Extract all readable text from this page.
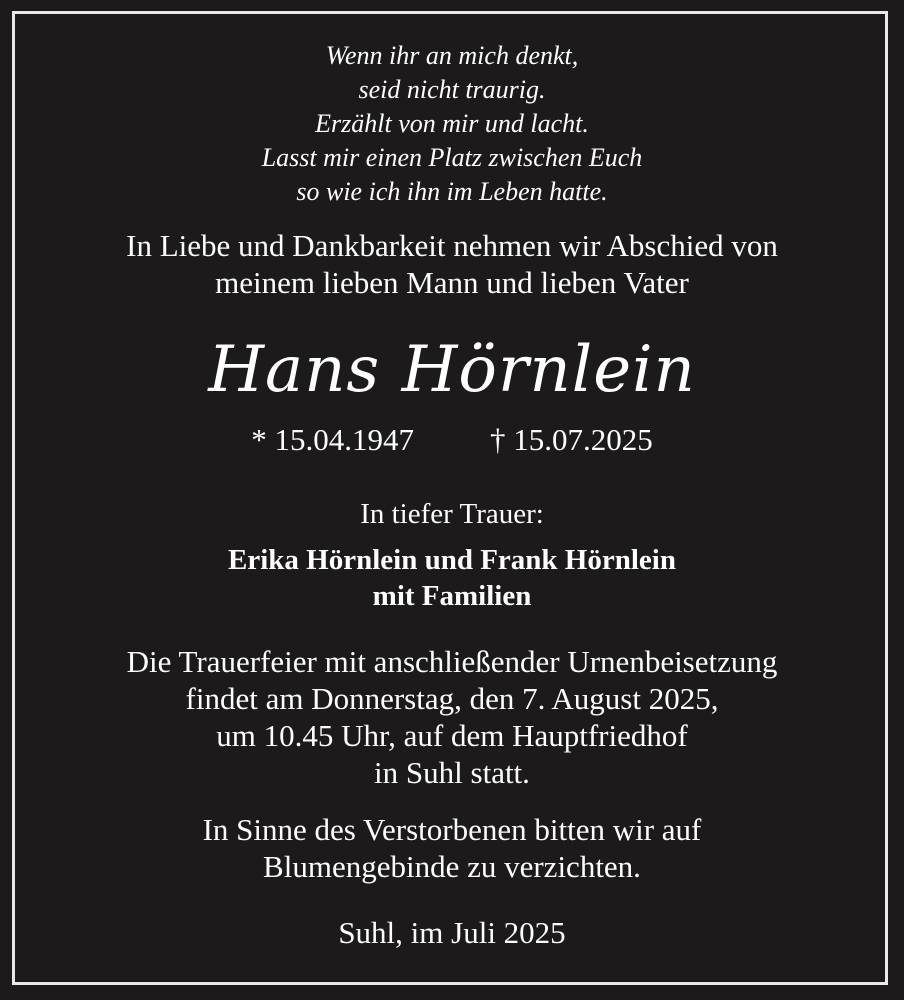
Wenn ihr an mich denkt,

seid nicht traurig.

Erzählt von mir und lacht.

Lasst mir einen Platz zwischen Euch

so wie ich ihn im Leben hatte.

In Liebe und Dankbarkeit nehmen wir Abschied von

meinem lieben Mann und lieben Vater

Hans Hörnlein

* 15.04.1947 † 15.07.2025

In tiefer Trauer:

Erika Hörnlein und Frank Hörnlein

mit Familien

Die Trauerfeier mit anschließender Urnenbeisetzung

findet am Donnerstag, den 7. August 2025,

um 10.45 Uhr, auf dem Hauptfriedhof

in Suhl statt.

In Sinne des Verstorbenen bitten wir auf

Blumengebinde zu verzichten.

Suhl, im Juli 2025
